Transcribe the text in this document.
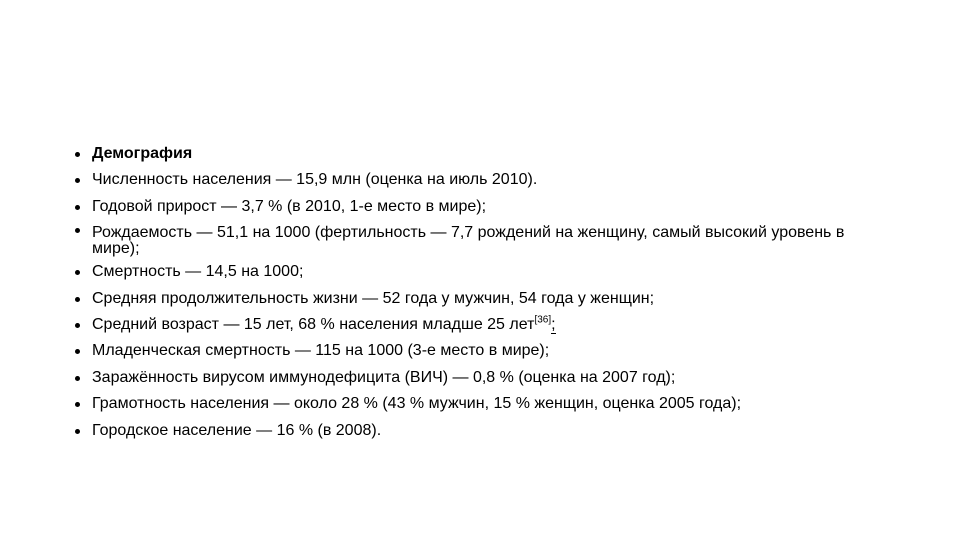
Демография
Численность населения — 15,9 млн (оценка на июль 2010).
Годовой прирост — 3,7 % (в 2010, 1-е место в мире);
Рождаемость — 51,1 на 1000 (фертильность — 7,7 рождений на женщину, самый высокий уровень в мире);
Смертность — 14,5 на 1000;
Средняя продолжительность жизни — 52 года у мужчин, 54 года у женщин;
Средний возраст — 15 лет, 68 % населения младше 25 лет[36];
Младенческая смертность — 115 на 1000 (3-е место в мире);
Заражённость вирусом иммунодефицита (ВИЧ) — 0,8 % (оценка на 2007 год);
Грамотность населения — около 28 % (43 % мужчин, 15 % женщин, оценка 2005 года);
Городское население — 16 % (в 2008).
